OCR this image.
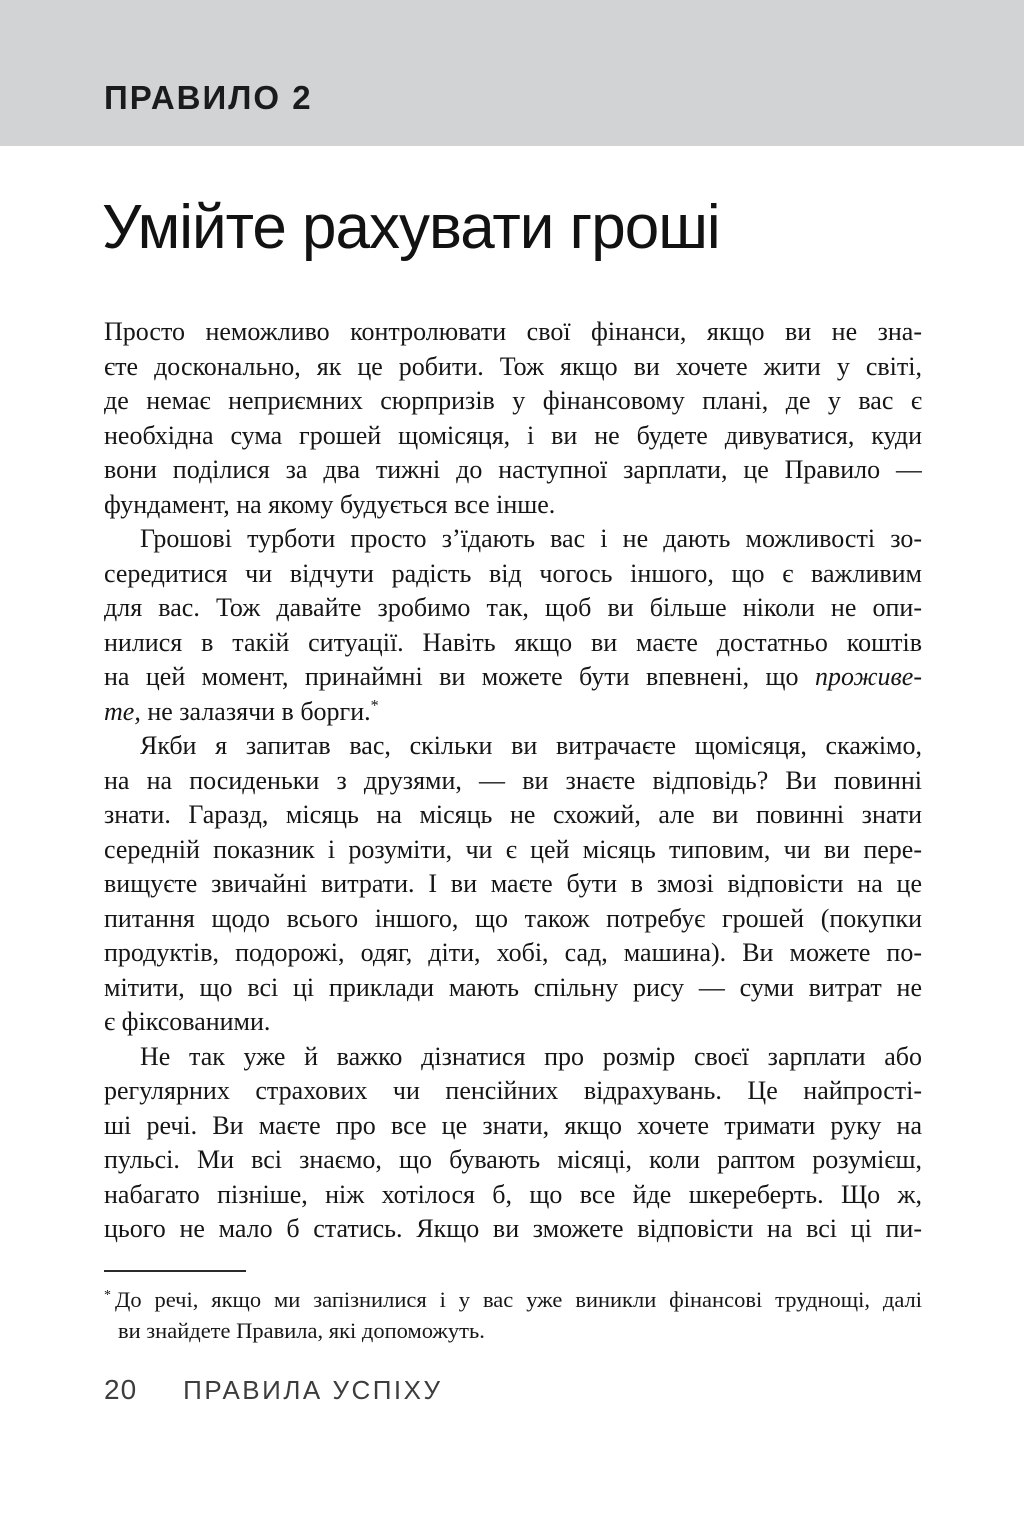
ПРАВИЛО 2
Умійте рахувати гроші
Просто неможливо контролювати свої фінанси, якщо ви не зна-
єте досконально, як це робити. Тож якщо ви хочете жити у світі,
де немає неприємних сюрпризів у фінансовому плані, де у вас є
необхідна сума грошей щомісяця, і ви не будете дивуватися, куди
вони поділися за два тижні до наступної зарплати, це Правило —
фундамент, на якому будується все інше.
Грошові турботи просто з’їдають вас і не дають можливості зо-
середитися чи відчути радість від чогось іншого, що є важливим
для вас. Тож давайте зробимо так, щоб ви більше ніколи не опи-
нилися в такій ситуації. Навіть якщо ви маєте достатньо коштів
на цей момент, принаймні ви можете бути впевнені, що проживе-
те, не залазячи в борги.*
Якби я запитав вас, скільки ви витрачаєте щомісяця, скажімо,
на на посиденьки з друзями, — ви знаєте відповідь? Ви повинні
знати. Гаразд, місяць на місяць не схожий, але ви повинні знати
середній показник і розуміти, чи є цей місяць типовим, чи ви пере-
вищуєте звичайні витрати. І ви маєте бути в змозі відповісти на це
питання щодо всього іншого, що також потребує грошей (покупки
продуктів, подорожі, одяг, діти, хобі, сад, машина). Ви можете по-
мітити, що всі ці приклади мають спільну рису — суми витрат не
є фіксованими.
Не так уже й важко дізнатися про розмір своєї зарплати або
регулярних страхових чи пенсійних відрахувань. Це найпрості-
ші речі. Ви маєте про все це знати, якщо хочете тримати руку на
пульсі. Ми всі знаємо, що бувають місяці, коли раптом розумієш,
набагато пізніше, ніж хотілося б, що все йде шкереберть. Що ж,
цього не мало б статись. Якщо ви зможете відповісти на всі ці пи-
* До речі, якщо ми запізнилися і у вас уже виникли фінансові труднощі, далі
ви знайдете Правила, які допоможуть.
20 ПРАВИЛА УСПІХУ
